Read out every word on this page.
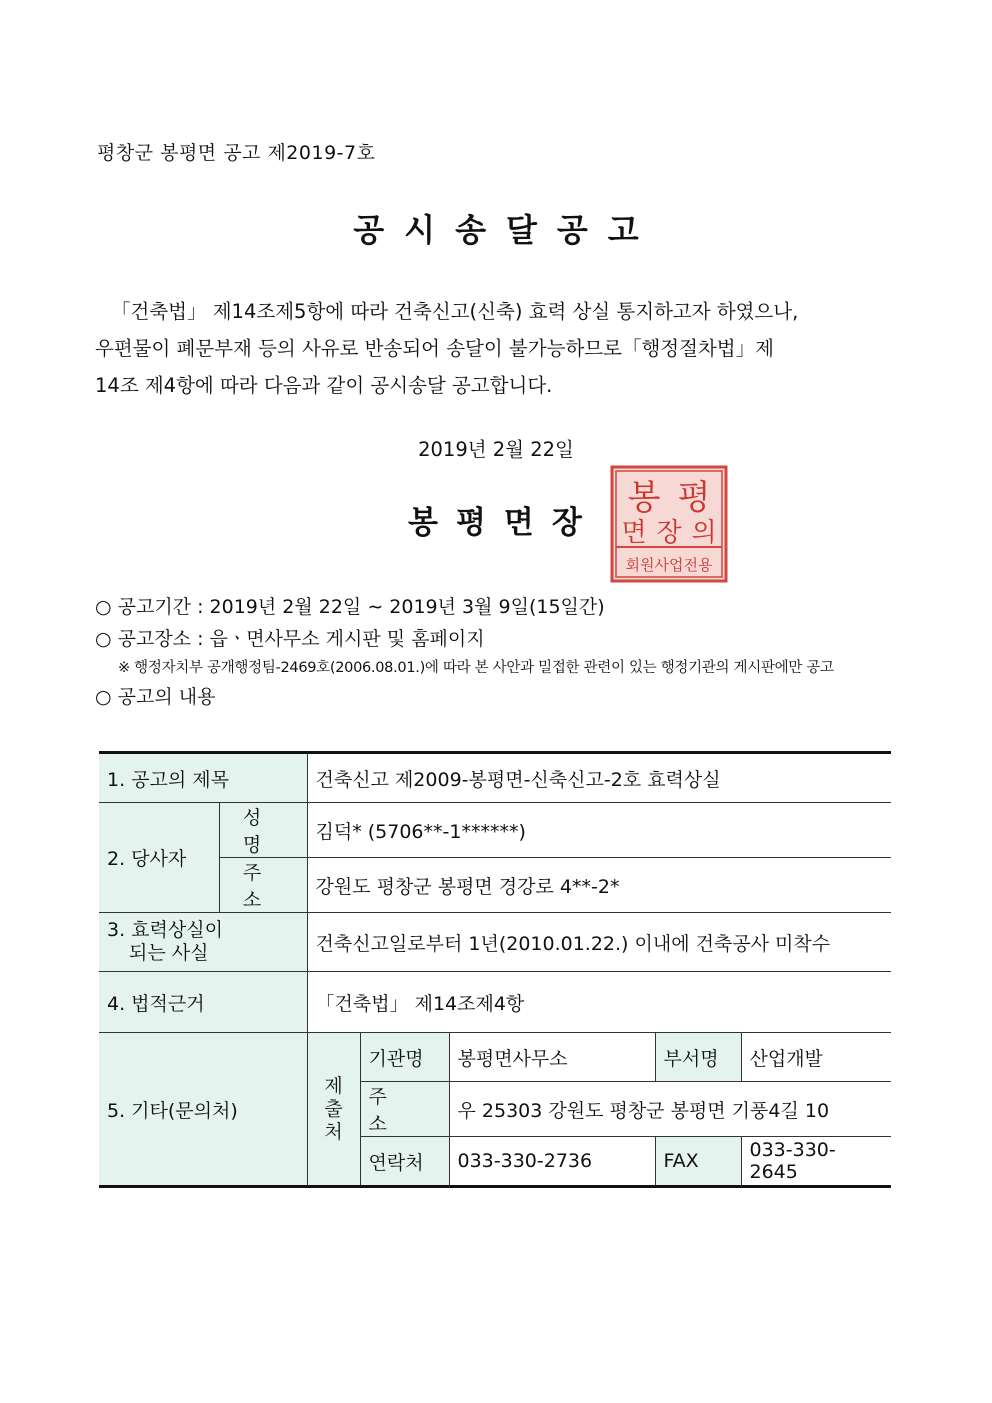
평창군 봉평면 공고 제2019-7호
공시송달공고

「건축법」 제14조제5항에 따라 건축신고(신축) 효력 상실 통지하고자 하였으나,

우편물이 폐문부재 등의 사유로 반송되어 송달이 불가능하므로「행정절차법」제

14조 제4항에 따라 다음과 같이 공시송달 공고합니다.

2019년 2월 22일
봉평면장
봉 평
면 장 의
회원사업전용
○ 공고기간 : 2019년 2월 22일 ∼ 2019년 3월 9일(15일간)
○ 공고장소 : 읍ㆍ면사무소 게시판 및 홈페이지
※ 행정자치부 공개행정팀-2469호(2006.08.01.)에 따라 본 사안과 밀접한 관련이 있는 행정기관의 게시판에만 공고
○ 공고의 내용
1. 공고의 제목		건축신고 제2009-봉평면-신축신고-2호 효력상실				
2. 당사자	성명	김덕* (5706**-1******)				
	주소	강원도 평창군 봉평면 경강로 4**-2*				

3. 효력상실이
되는 사실		건축신고일로부터 1년(2010.01.22.) 이내에 건축공사 미착수				
4. 법적근거		「건축법」 제14조제4항				
5. 기타(문의처)		제
출
처	기관명	봉평면사무소	부서명	산업개발
			주소	우 25303 강원도 평창군 봉평면 기풍4길 10		
			연락처	033-330-2736	FAX	033-330-2645
